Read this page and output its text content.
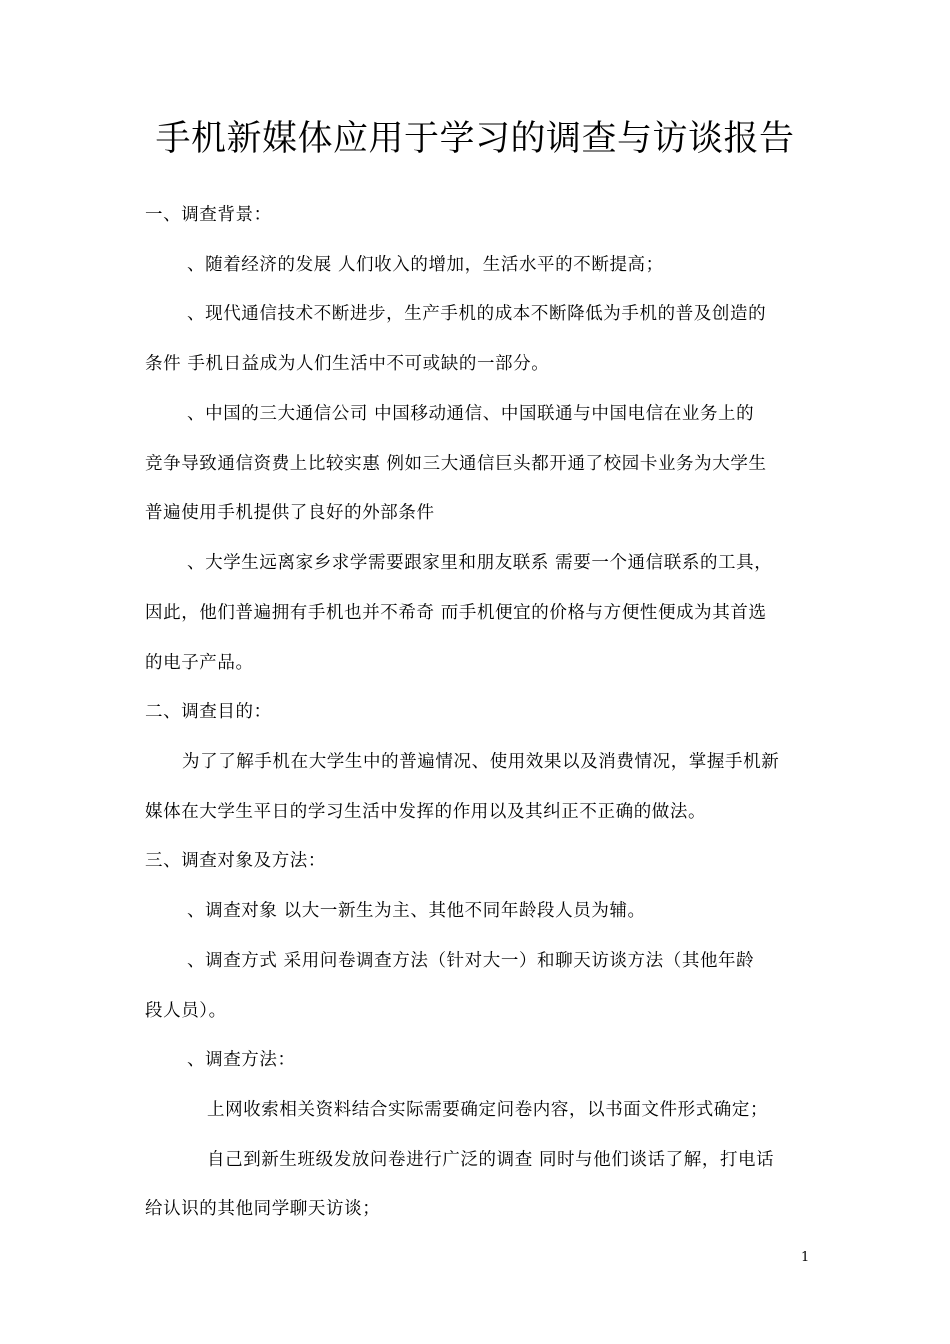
手机新媒体应用于学习的调查与访谈报告
一、调查背景：
、随着经济的发展 人们收入的增加，生活水平的不断提高；
、现代通信技术不断进步，生产手机的成本不断降低为手机的普及创造的
条件 手机日益成为人们生活中不可或缺的一部分。
、中国的三大通信公司 中国移动通信、中国联通与中国电信在业务上的
竞争导致通信资费上比较实惠 例如三大通信巨头都开通了校园卡业务为大学生
普遍使用手机提供了良好的外部条件
、大学生远离家乡求学需要跟家里和朋友联系 需要一个通信联系的工具，
因此，他们普遍拥有手机也并不希奇 而手机便宜的价格与方便性便成为其首选
的电子产品。
二、调查目的：
为了了解手机在大学生中的普遍情况、使用效果以及消费情况，掌握手机新
媒体在大学生平日的学习生活中发挥的作用以及其纠正不正确的做法。
三、调查对象及方法：
、调查对象 以大一新生为主、其他不同年龄段人员为辅。
、调查方式 采用问卷调查方法（针对大一）和聊天访谈方法（其他年龄
段人员）。
、调查方法：
上网收索相关资料结合实际需要确定问卷内容，以书面文件形式确定；
自己到新生班级发放问卷进行广泛的调查 同时与他们谈话了解，打电话
给认识的其他同学聊天访谈；
1
